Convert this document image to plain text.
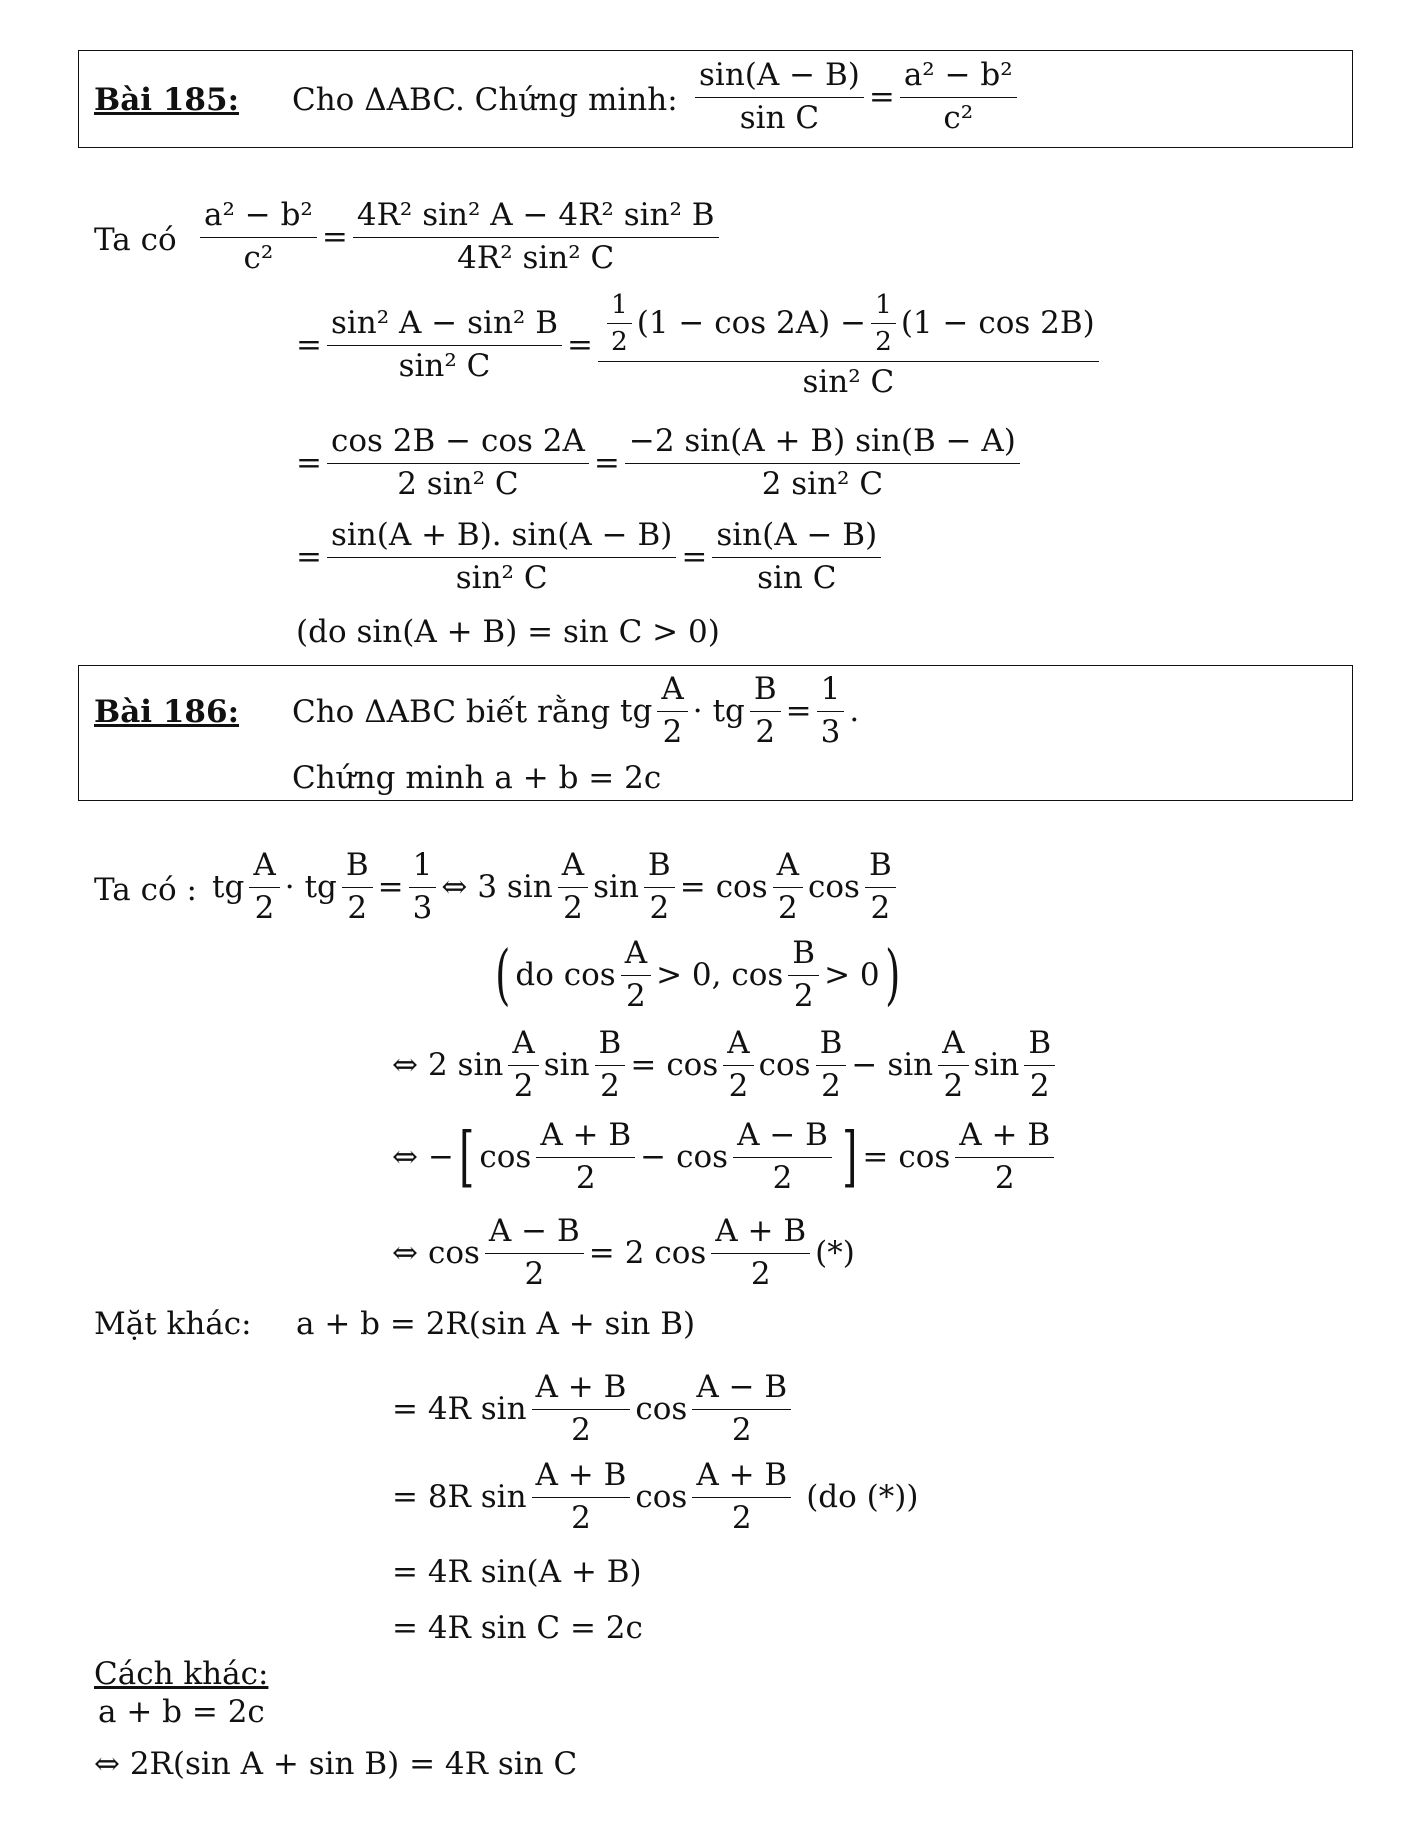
Bài 185: Cho ΔABC. Chứng minh: $\frac{\sin(A - B)}{\text{sin C}} = \frac{\text{a² − b²}}{\text{c²}}$
Ta có $\frac{\text{a² − b²}}{\text{c²}} = \frac{\text{4R² sin² A − 4R² sin² B}}{\text{4R² sin² C}}$
= $\frac{\text{sin² A − sin² B}}{\text{sin² C}} = \frac{\frac{1}{2} (1 - \cos 2A) - \frac{1}{2} (1 - \cos 2B)}{\text{sin² C}}$
= $\frac{\cos 2B - \cos 2A}{\text{2 sin² C}} = \frac{-2 \sin(A + B) \sin(B - A)}{\text{2 sin² C}}$
= $\frac{\sin(A + B). \sin(A - B)}{\text{sin² C}} = \frac{\sin(A - B)}{\text{sin C}}$
(do sin(A + B) = sin C > 0)
Bài 186: Cho ΔABC biết rằng tg $\frac{A}{2}$ · tg $\frac{B}{2} = \frac{1}{3}$ .
Chứng minh a + b = 2c
Ta có : tg $\frac{A}{2}$ · tg $\frac{B}{2} = \frac{1}{3}$ ⇔ 3 $\sin \frac{A}{2}$ $\sin \frac{B}{2} = \cos \frac{A}{2}$ $\cos \frac{B}{2}$
( do $\cos \frac{A}{2} > 0$, $\cos \frac{B}{2} > 0$ )
⇔ 2 $\sin \frac{A}{2}$ $\sin \frac{B}{2} = \cos \frac{A}{2}$ $\cos \frac{B}{2} - \sin \frac{A}{2}$ $\sin \frac{B}{2}$
⇔ − [ $\cos \frac{A + B}{2} - \cos \frac{A - B}{2}$ ] = $\cos \frac{A + B}{2}$
⇔ $\cos \frac{A - B}{2} = 2$ $\cos \frac{A + B}{2}$ (*)
Mặt khác: a + b = 2R(sin A + sin B)
= 4R $\sin \frac{A + B}{2}$ $\cos \frac{A - B}{2}$
= 8R $\sin \frac{A + B}{2}$ $\cos \frac{A + B}{2} (do$ (*))
= 4R sin(A + B)
= 4R sin C = 2c
Cách khác:
a + b = 2c
⇔ 2R(sin A + sin B) = 4R sin C
